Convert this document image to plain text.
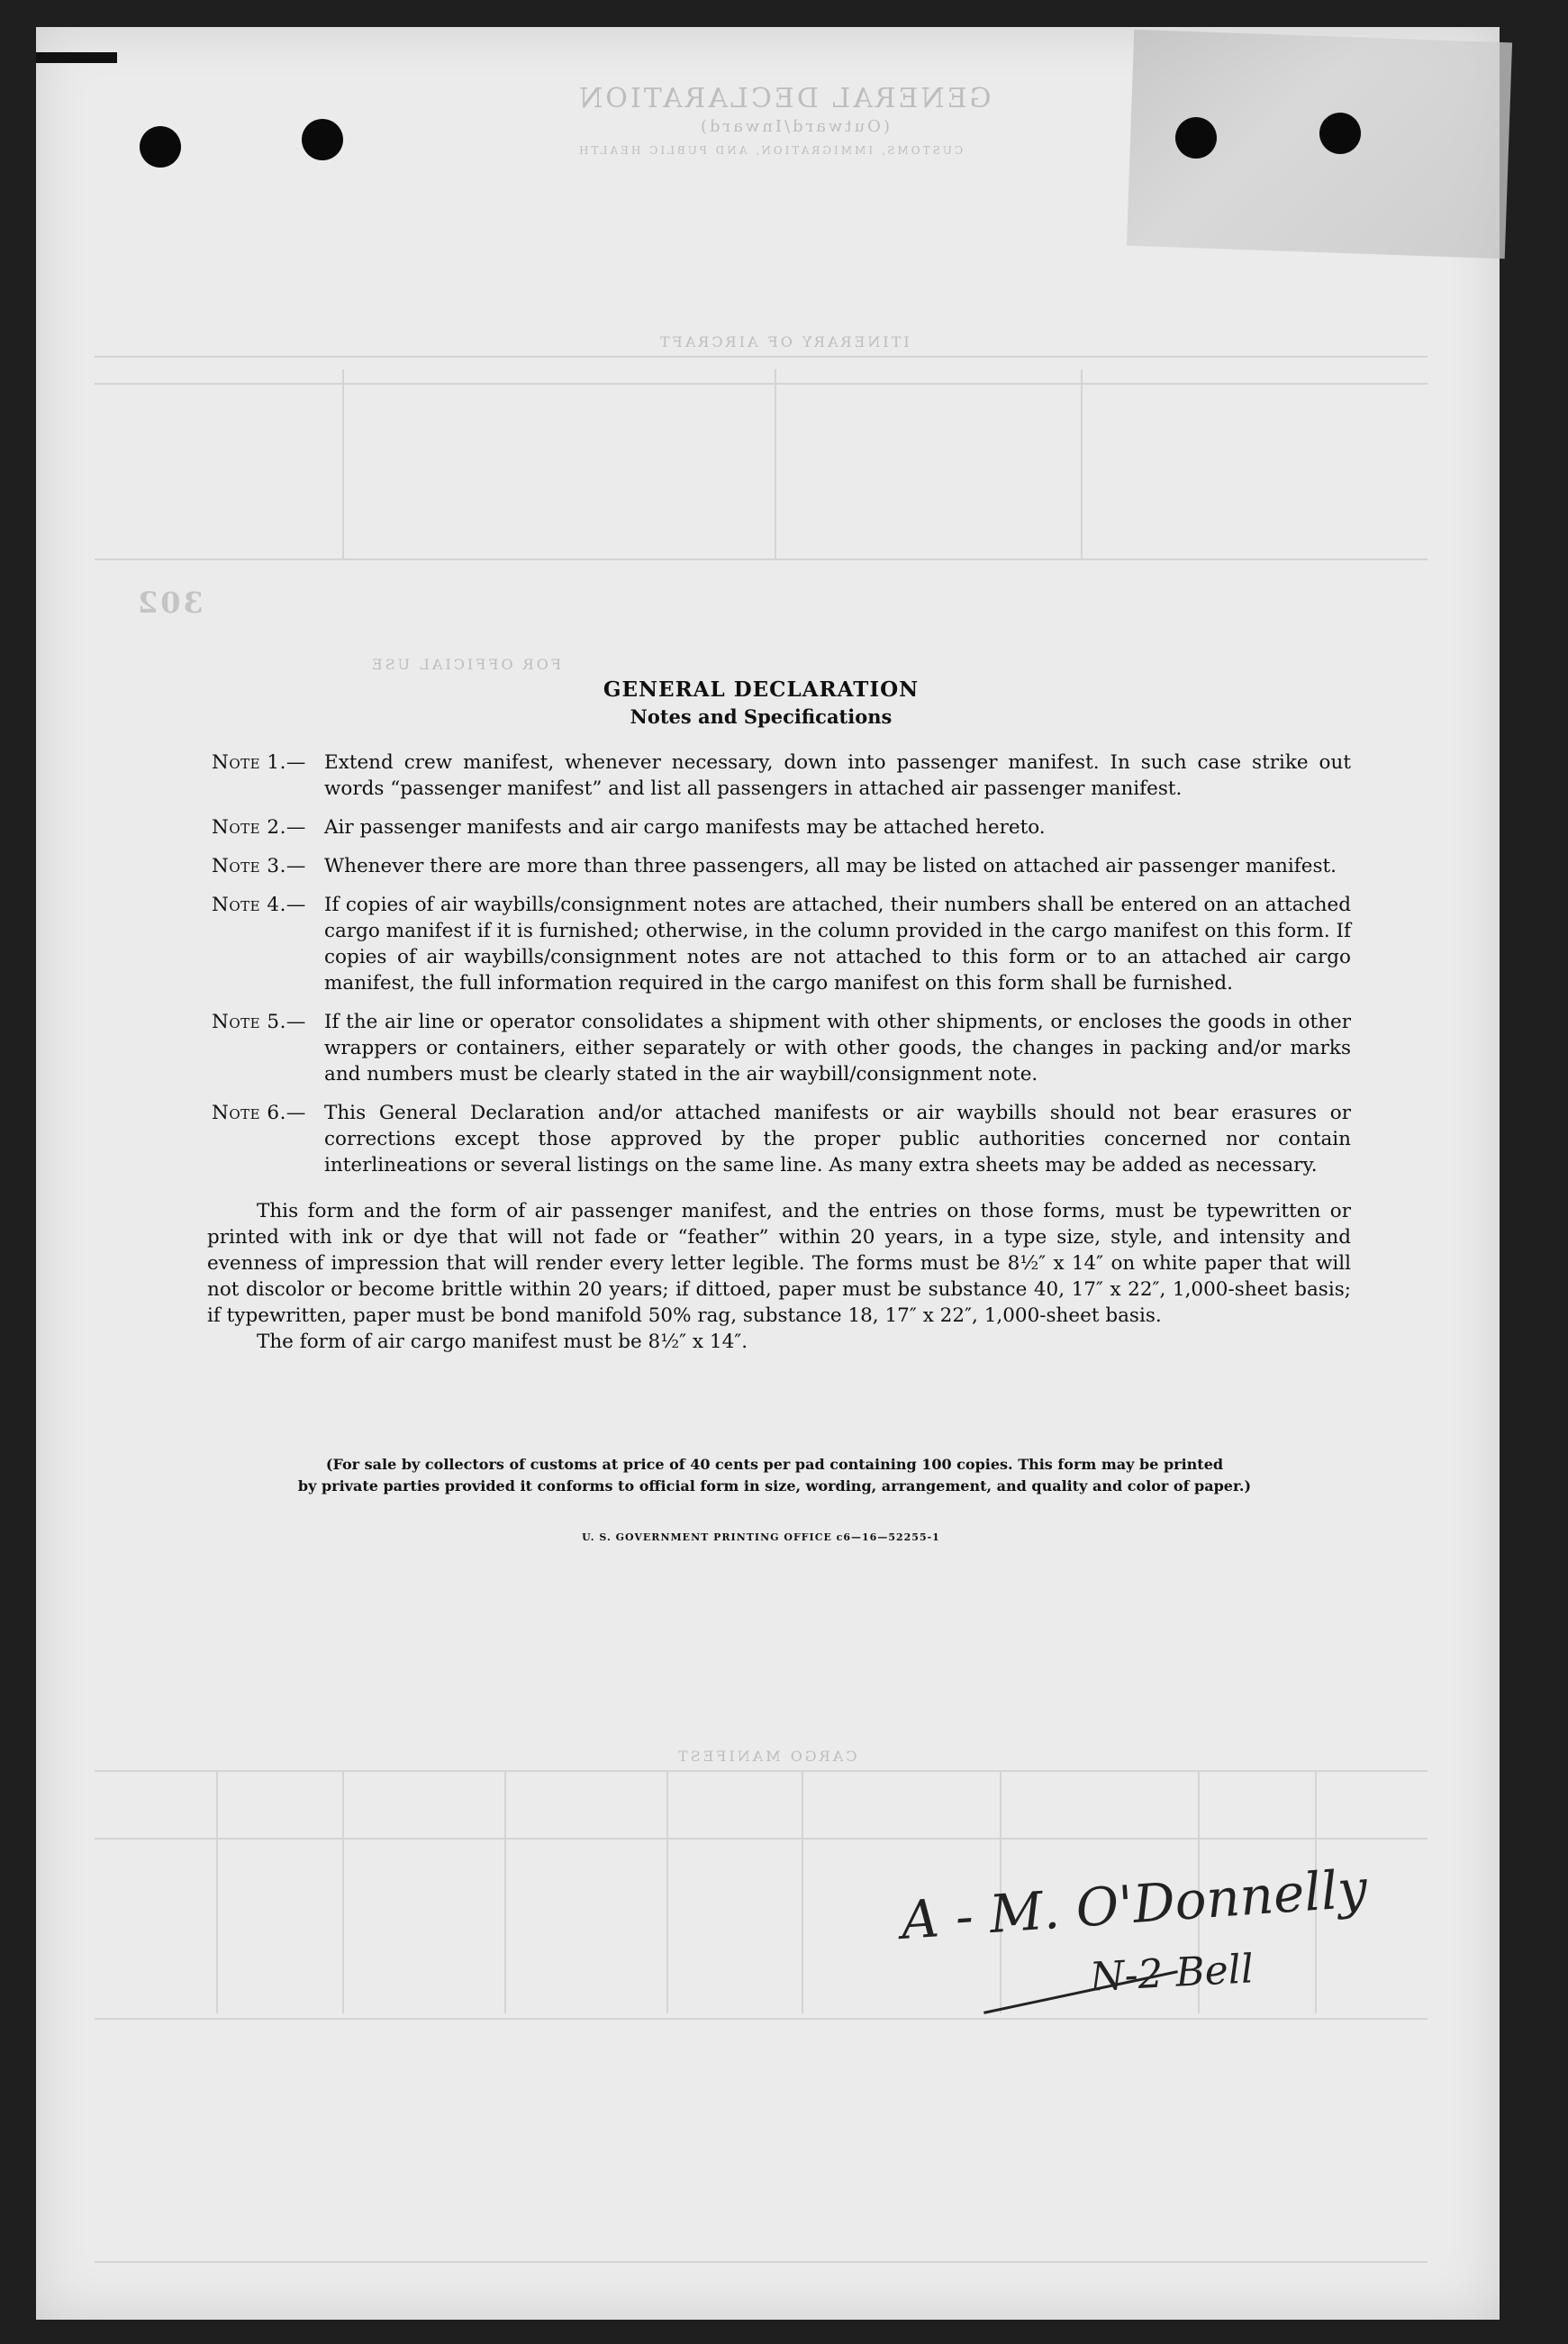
GENERAL DECLARATION
(Outward/Inward)
CUSTOMS, IMMIGRATION, AND PUBLIC HEALTH
ITINERARY OF AIRCRAFT
302
FOR OFFICIAL USE
CARGO MANIFEST
GENERAL DECLARATION
Notes and Specifications
Note 1.— Extend crew manifest, whenever necessary, down into passenger manifest. In such case strike out words “passenger manifest” and list all passengers in attached air passenger manifest.
Note 2.— Air passenger manifests and air cargo manifests may be attached hereto.
Note 3.— Whenever there are more than three passengers, all may be listed on attached air passenger manifest.
Note 4.— If copies of air waybills/consignment notes are attached, their numbers shall be entered on an attached cargo manifest if it is furnished; otherwise, in the column provided in the cargo manifest on this form. If copies of air waybills/consignment notes are not attached to this form or to an attached air cargo manifest, the full information required in the cargo manifest on this form shall be furnished.
Note 5.— If the air line or operator consolidates a shipment with other shipments, or encloses the goods in other wrappers or containers, either separately or with other goods, the changes in packing and/or marks and numbers must be clearly stated in the air waybill/consignment note.
Note 6.— This General Declaration and/or attached manifests or air waybills should not bear erasures or corrections except those approved by the proper public authorities concerned nor contain interlineations or several listings on the same line. As many extra sheets may be added as necessary.
This form and the form of air passenger manifest, and the entries on those forms, must be typewritten or printed with ink or dye that will not fade or “feather” within 20 years, in a type size, style, and intensity and evenness of impression that will render every letter legible. The forms must be 8½″ x 14″ on white paper that will not discolor or become brittle within 20 years; if dittoed, paper must be substance 40, 17″ x 22″, 1,000-sheet basis; if typewritten, paper must be bond manifold 50% rag, substance 18, 17″ x 22″, 1,000-sheet basis.
The form of air cargo manifest must be 8½″ x 14″.
(For sale by collectors of customs at price of 40 cents per pad containing 100 copies. This form may be printed
by private parties provided it conforms to official form in size, wording, arrangement, and quality and color of paper.)
U. S. GOVERNMENT PRINTING OFFICE c6—16—52255-1
A - M. O'Donnelly
N-2 Bell
